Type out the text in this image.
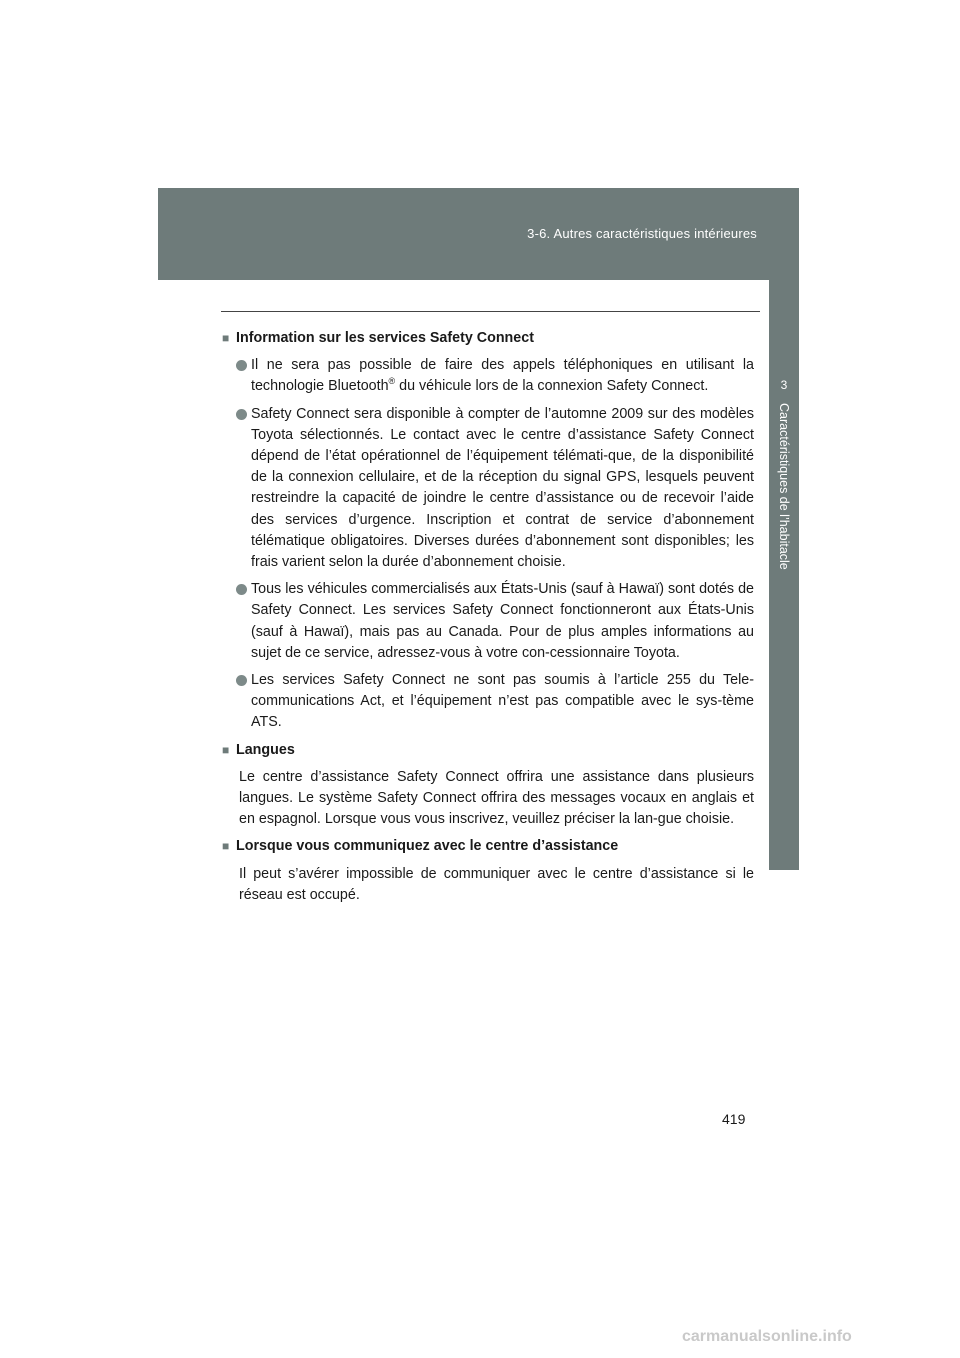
3-6. Autres caractéristiques intérieures
3
Caractéristiques de l’habitacle
■ Information sur les services Safety Connect
Il ne sera pas possible de faire des appels téléphoniques en utilisant la technologie Bluetooth® du véhicule lors de la connexion Safety Connect.
Safety Connect sera disponible à compter de l’automne 2009 sur des modèles Toyota sélectionnés. Le contact avec le centre d’assistance Safety Connect dépend de l’état opérationnel de l’équipement télémati-que, de la disponibilité de la connexion cellulaire, et de la réception du signal GPS, lesquels peuvent restreindre la capacité de joindre le centre d’assistance ou de recevoir l’aide des services d’urgence. Inscription et contrat de service d’abonnement télématique obligatoires. Diverses durées d’abonnement sont disponibles; les frais varient selon la durée d’abonnement choisie.
Tous les véhicules commercialisés aux États-Unis (sauf à Hawaï) sont dotés de Safety Connect. Les services Safety Connect fonctionneront aux États-Unis (sauf à Hawaï), mais pas au Canada. Pour de plus amples informations au sujet de ce service, adressez-vous à votre con-cessionnaire Toyota.
Les services Safety Connect ne sont pas soumis à l’article 255 du Tele-communications Act, et l’équipement n’est pas compatible avec le sys-tème ATS.
■ Langues
Le centre d’assistance Safety Connect offrira une assistance dans plusieurs langues. Le système Safety Connect offrira des messages vocaux en anglais et en espagnol. Lorsque vous vous inscrivez, veuillez préciser la lan-gue choisie.
■ Lorsque vous communiquez avec le centre d’assistance
Il peut s’avérer impossible de communiquer avec le centre d’assistance si le réseau est occupé.
419
carmanualsonline.info
